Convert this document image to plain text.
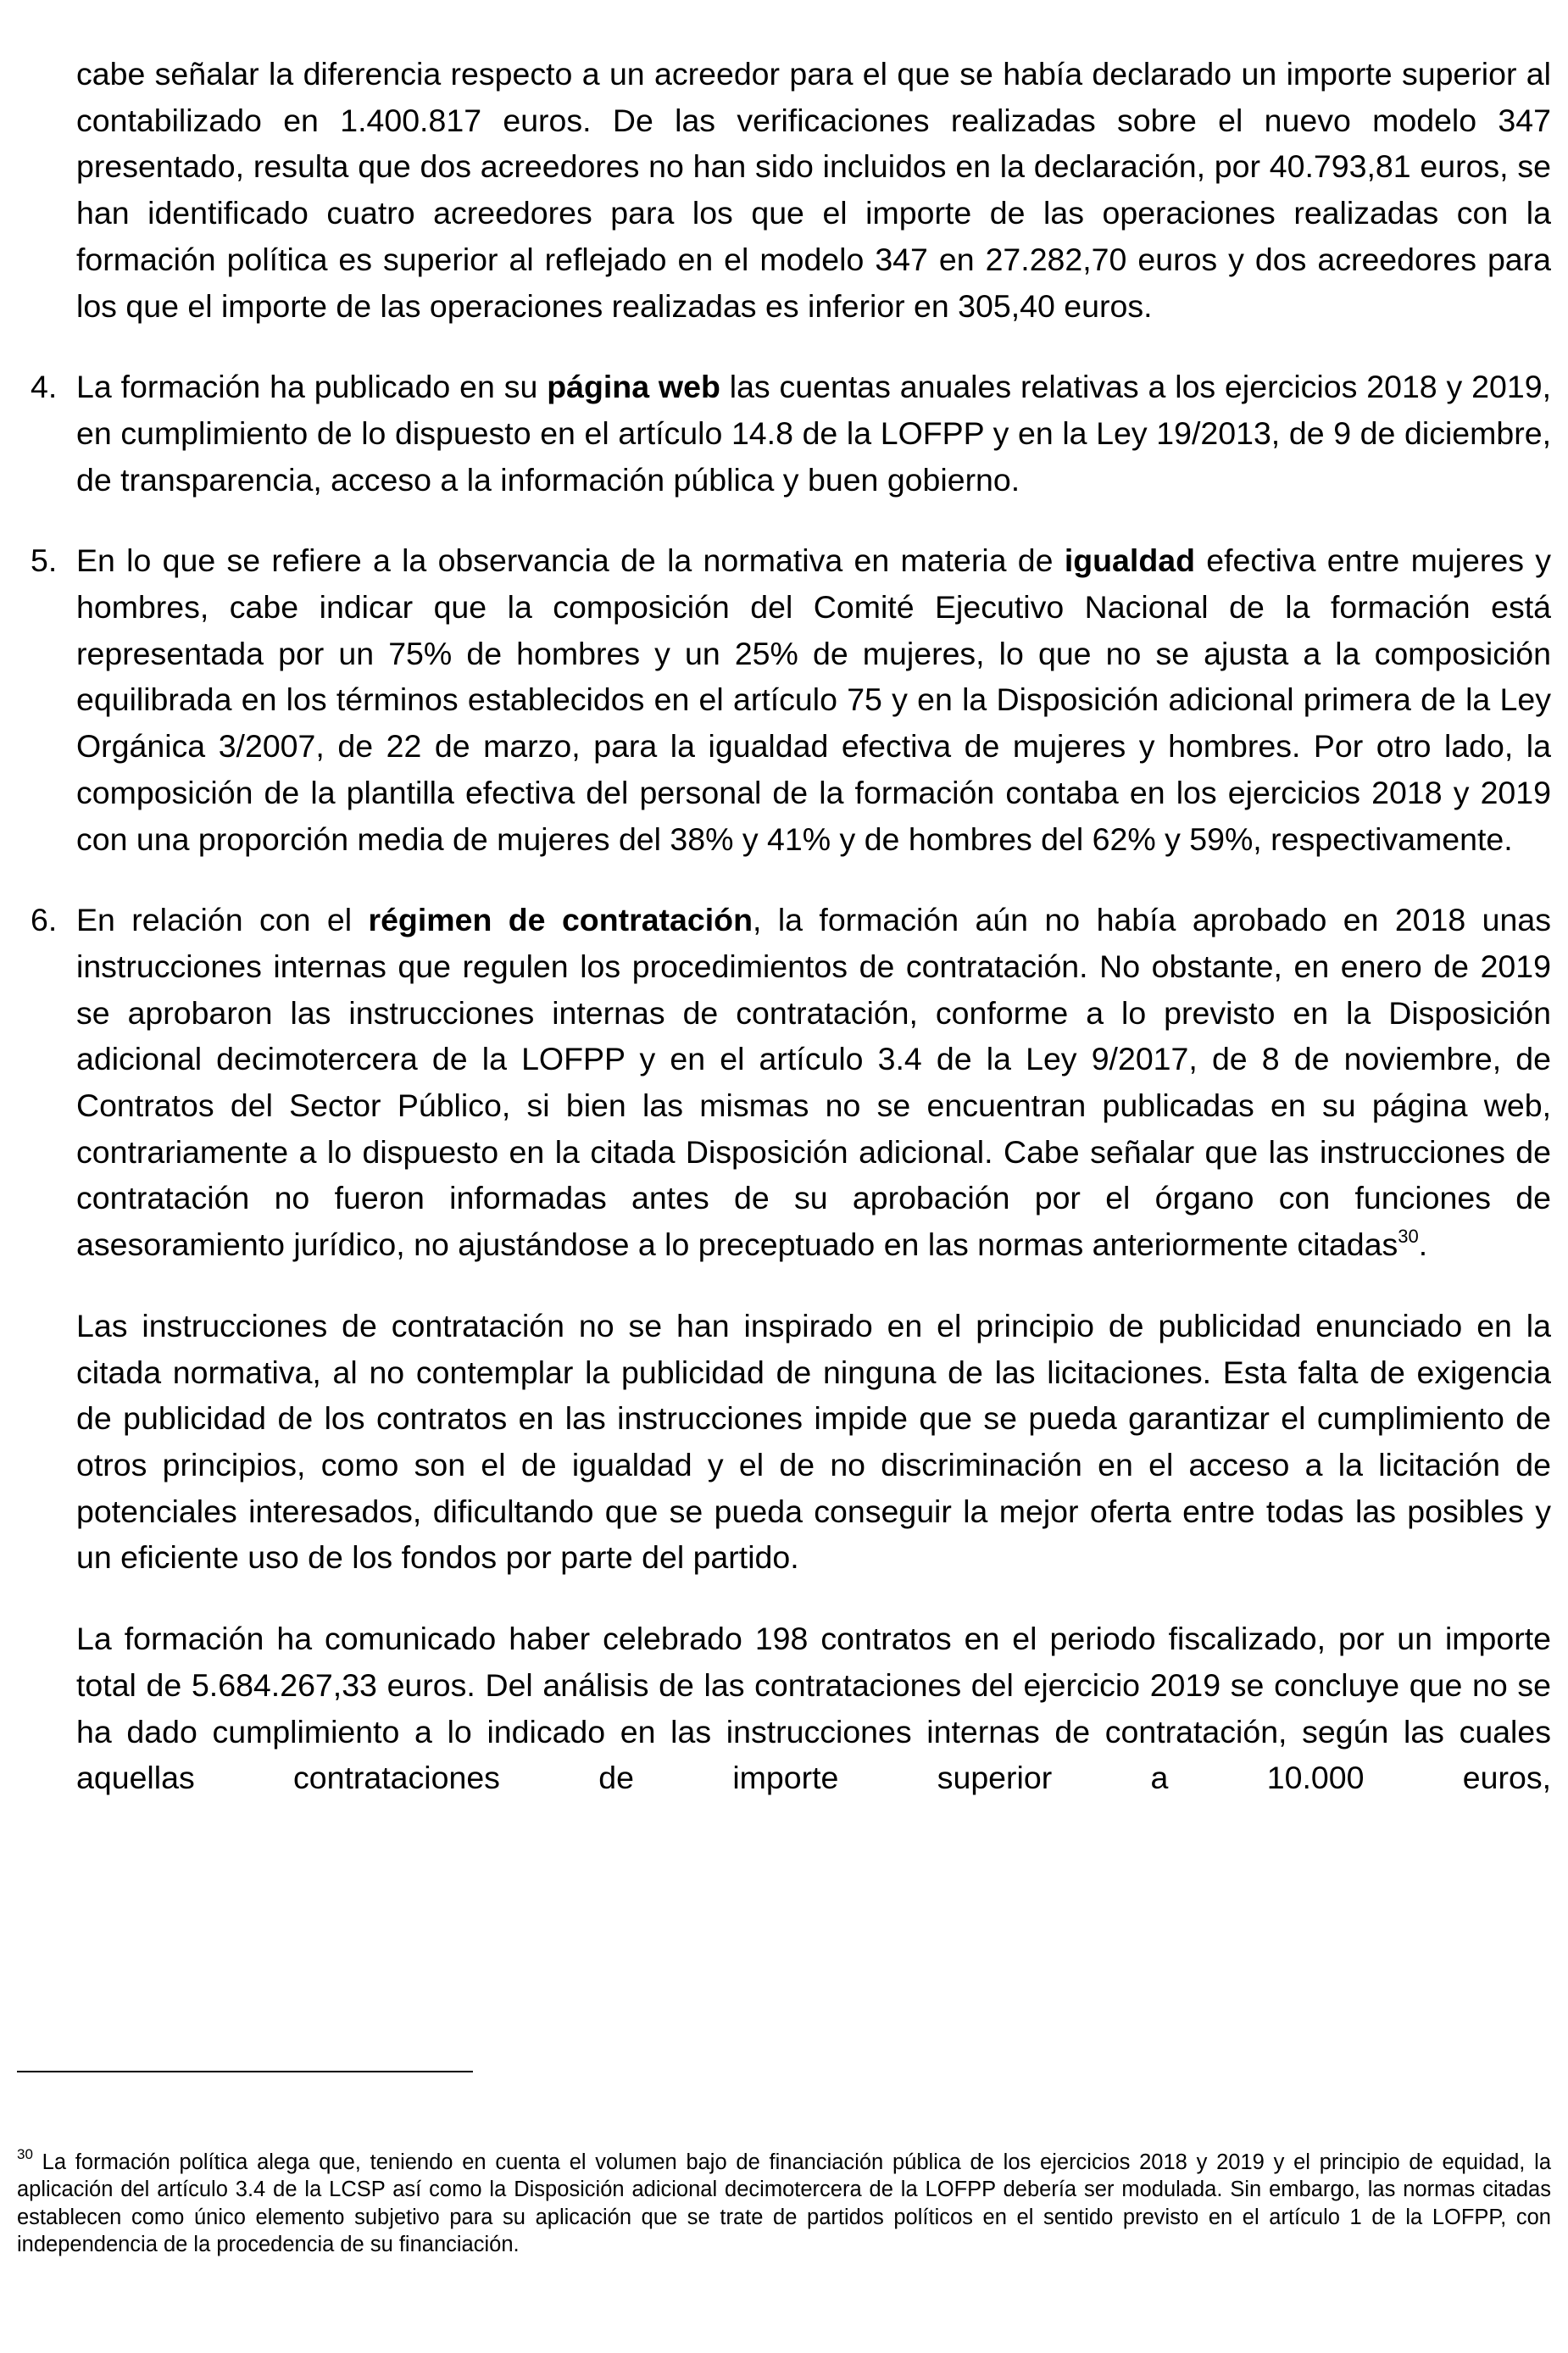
cabe señalar la diferencia respecto a un acreedor para el que se había declarado un importe superior al contabilizado en 1.400.817 euros. De las verificaciones realizadas sobre el nuevo modelo 347 presentado, resulta que dos acreedores no han sido incluidos en la declaración, por 40.793,81 euros, se han identificado cuatro acreedores para los que el importe de las operaciones realizadas con la formación política es superior al reflejado en el modelo 347 en 27.282,70 euros y dos acreedores para los que el importe de las operaciones realizadas es inferior en 305,40 euros.

4. La formación ha publicado en su página web las cuentas anuales relativas a los ejercicios 2018 y 2019, en cumplimiento de lo dispuesto en el artículo 14.8 de la LOFPP y en la Ley 19/2013, de 9 de diciembre, de transparencia, acceso a la información pública y buen gobierno.

5. En lo que se refiere a la observancia de la normativa en materia de igualdad efectiva entre mujeres y hombres, cabe indicar que la composición del Comité Ejecutivo Nacional de la formación está representada por un 75% de hombres y un 25% de mujeres, lo que no se ajusta a la composición equilibrada en los términos establecidos en el artículo 75 y en la Disposición adicional primera de la Ley Orgánica 3/2007, de 22 de marzo, para la igualdad efectiva de mujeres y hombres. Por otro lado, la composición de la plantilla efectiva del personal de la formación contaba en los ejercicios 2018 y 2019 con una proporción media de mujeres del 38% y 41% y de hombres del 62% y 59%, respectivamente.

6. En relación con el régimen de contratación, la formación aún no había aprobado en 2018 unas instrucciones internas que regulen los procedimientos de contratación. No obstante, en enero de 2019 se aprobaron las instrucciones internas de contratación, conforme a lo previsto en la Disposición adicional decimotercera de la LOFPP y en el artículo 3.4 de la Ley 9/2017, de 8 de noviembre, de Contratos del Sector Público, si bien las mismas no se encuentran publicadas en su página web, contrariamente a lo dispuesto en la citada Disposición adicional. Cabe señalar que las instrucciones de contratación no fueron informadas antes de su aprobación por el órgano con funciones de asesoramiento jurídico, no ajustándose a lo preceptuado en las normas anteriormente citadas$^{30}$.

Las instrucciones de contratación no se han inspirado en el principio de publicidad enunciado en la citada normativa, al no contemplar la publicidad de ninguna de las licitaciones. Esta falta de exigencia de publicidad de los contratos en las instrucciones impide que se pueda garantizar el cumplimiento de otros principios, como son el de igualdad y el de no discriminación en el acceso a la licitación de potenciales interesados, dificultando que se pueda conseguir la mejor oferta entre todas las posibles y un eficiente uso de los fondos por parte del partido.

La formación ha comunicado haber celebrado 198 contratos en el periodo fiscalizado, por un importe total de 5.684.267,33 euros. Del análisis de las contrataciones del ejercicio 2019 se concluye que no se ha dado cumplimiento a lo indicado en las instrucciones internas de contratación, según las cuales aquellas contrataciones de importe superior a 10.000 euros,

$^{30}$ La formación política alega que, teniendo en cuenta el volumen bajo de financiación pública de los ejercicios 2018 y 2019 y el principio de equidad, la aplicación del artículo 3.4 de la LCSP así como la Disposición adicional decimotercera de la LOFPP debería ser modulada. Sin embargo, las normas citadas establecen como único elemento subjetivo para su aplicación que se trate de partidos políticos en el sentido previsto en el artículo 1 de la LOFPP, con independencia de la procedencia de su financiación.
